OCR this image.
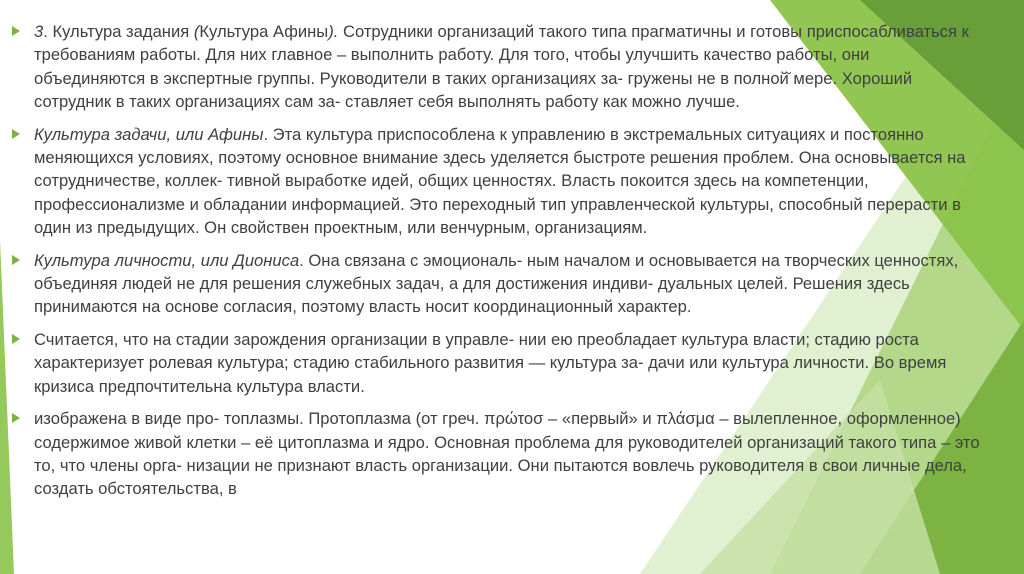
3. Культура задания (Культура Афины). Сотрудники организаций такого типа прагматичны и готовы приспосабливаться к требованиям работы. Для них главное – выполнить работу. Для того, чтобы улучшить качество работы, они объединяются в экспертные группы. Руководители в таких организациях за- гружены не в полной̆ мере. Хороший сотрудник в таких организациях сам за- ставляет себя выполнять работу как можно лучше.

Культура задачи, или Афины. Эта культура приспособлена к управлению в экстремальных ситуациях и постоянно меняющихся условиях, поэтому основное внимание здесь уделяется быстроте решения проблем. Она основывается на сотрудничестве, коллек- тивной выработке идей, общих ценностях. Власть покоится здесь на компетенции, профессионализме и обладании информацией. Это переходный тип управленческой культуры, способный перерасти в один из предыдущих. Он свойствен проектным, или венчурным, организациям.

Культура личности, или Диониса. Она связана с эмоциональ- ным началом и основывается на творческих ценностях, объединяя людей не для решения служебных задач, а для достижения индиви- дуальных целей. Решения здесь принимаются на основе согласия, поэтому власть носит координационный характер.

Считается, что на стадии зарождения организации в управле- нии ею преобладает культура власти; стадию роста характеризует ролевая культура; стадию стабильного развития — культура за- дачи или культура личности. Во время кризиса предпочтительна культура власти.

изображена в виде про- топлазмы. Протоплазма (от греч. πρώτοσ – «первый» и πλάσμα – вылепленное, оформленное) содержимое живой клетки – её цитоплазма и ядро. Основная проблема для руководителей организаций такого типа – это то, что члены орга- низации не признают власть организации. Они пытаются вовлечь руководителя в свои личные дела, создать обстоятельства, в
